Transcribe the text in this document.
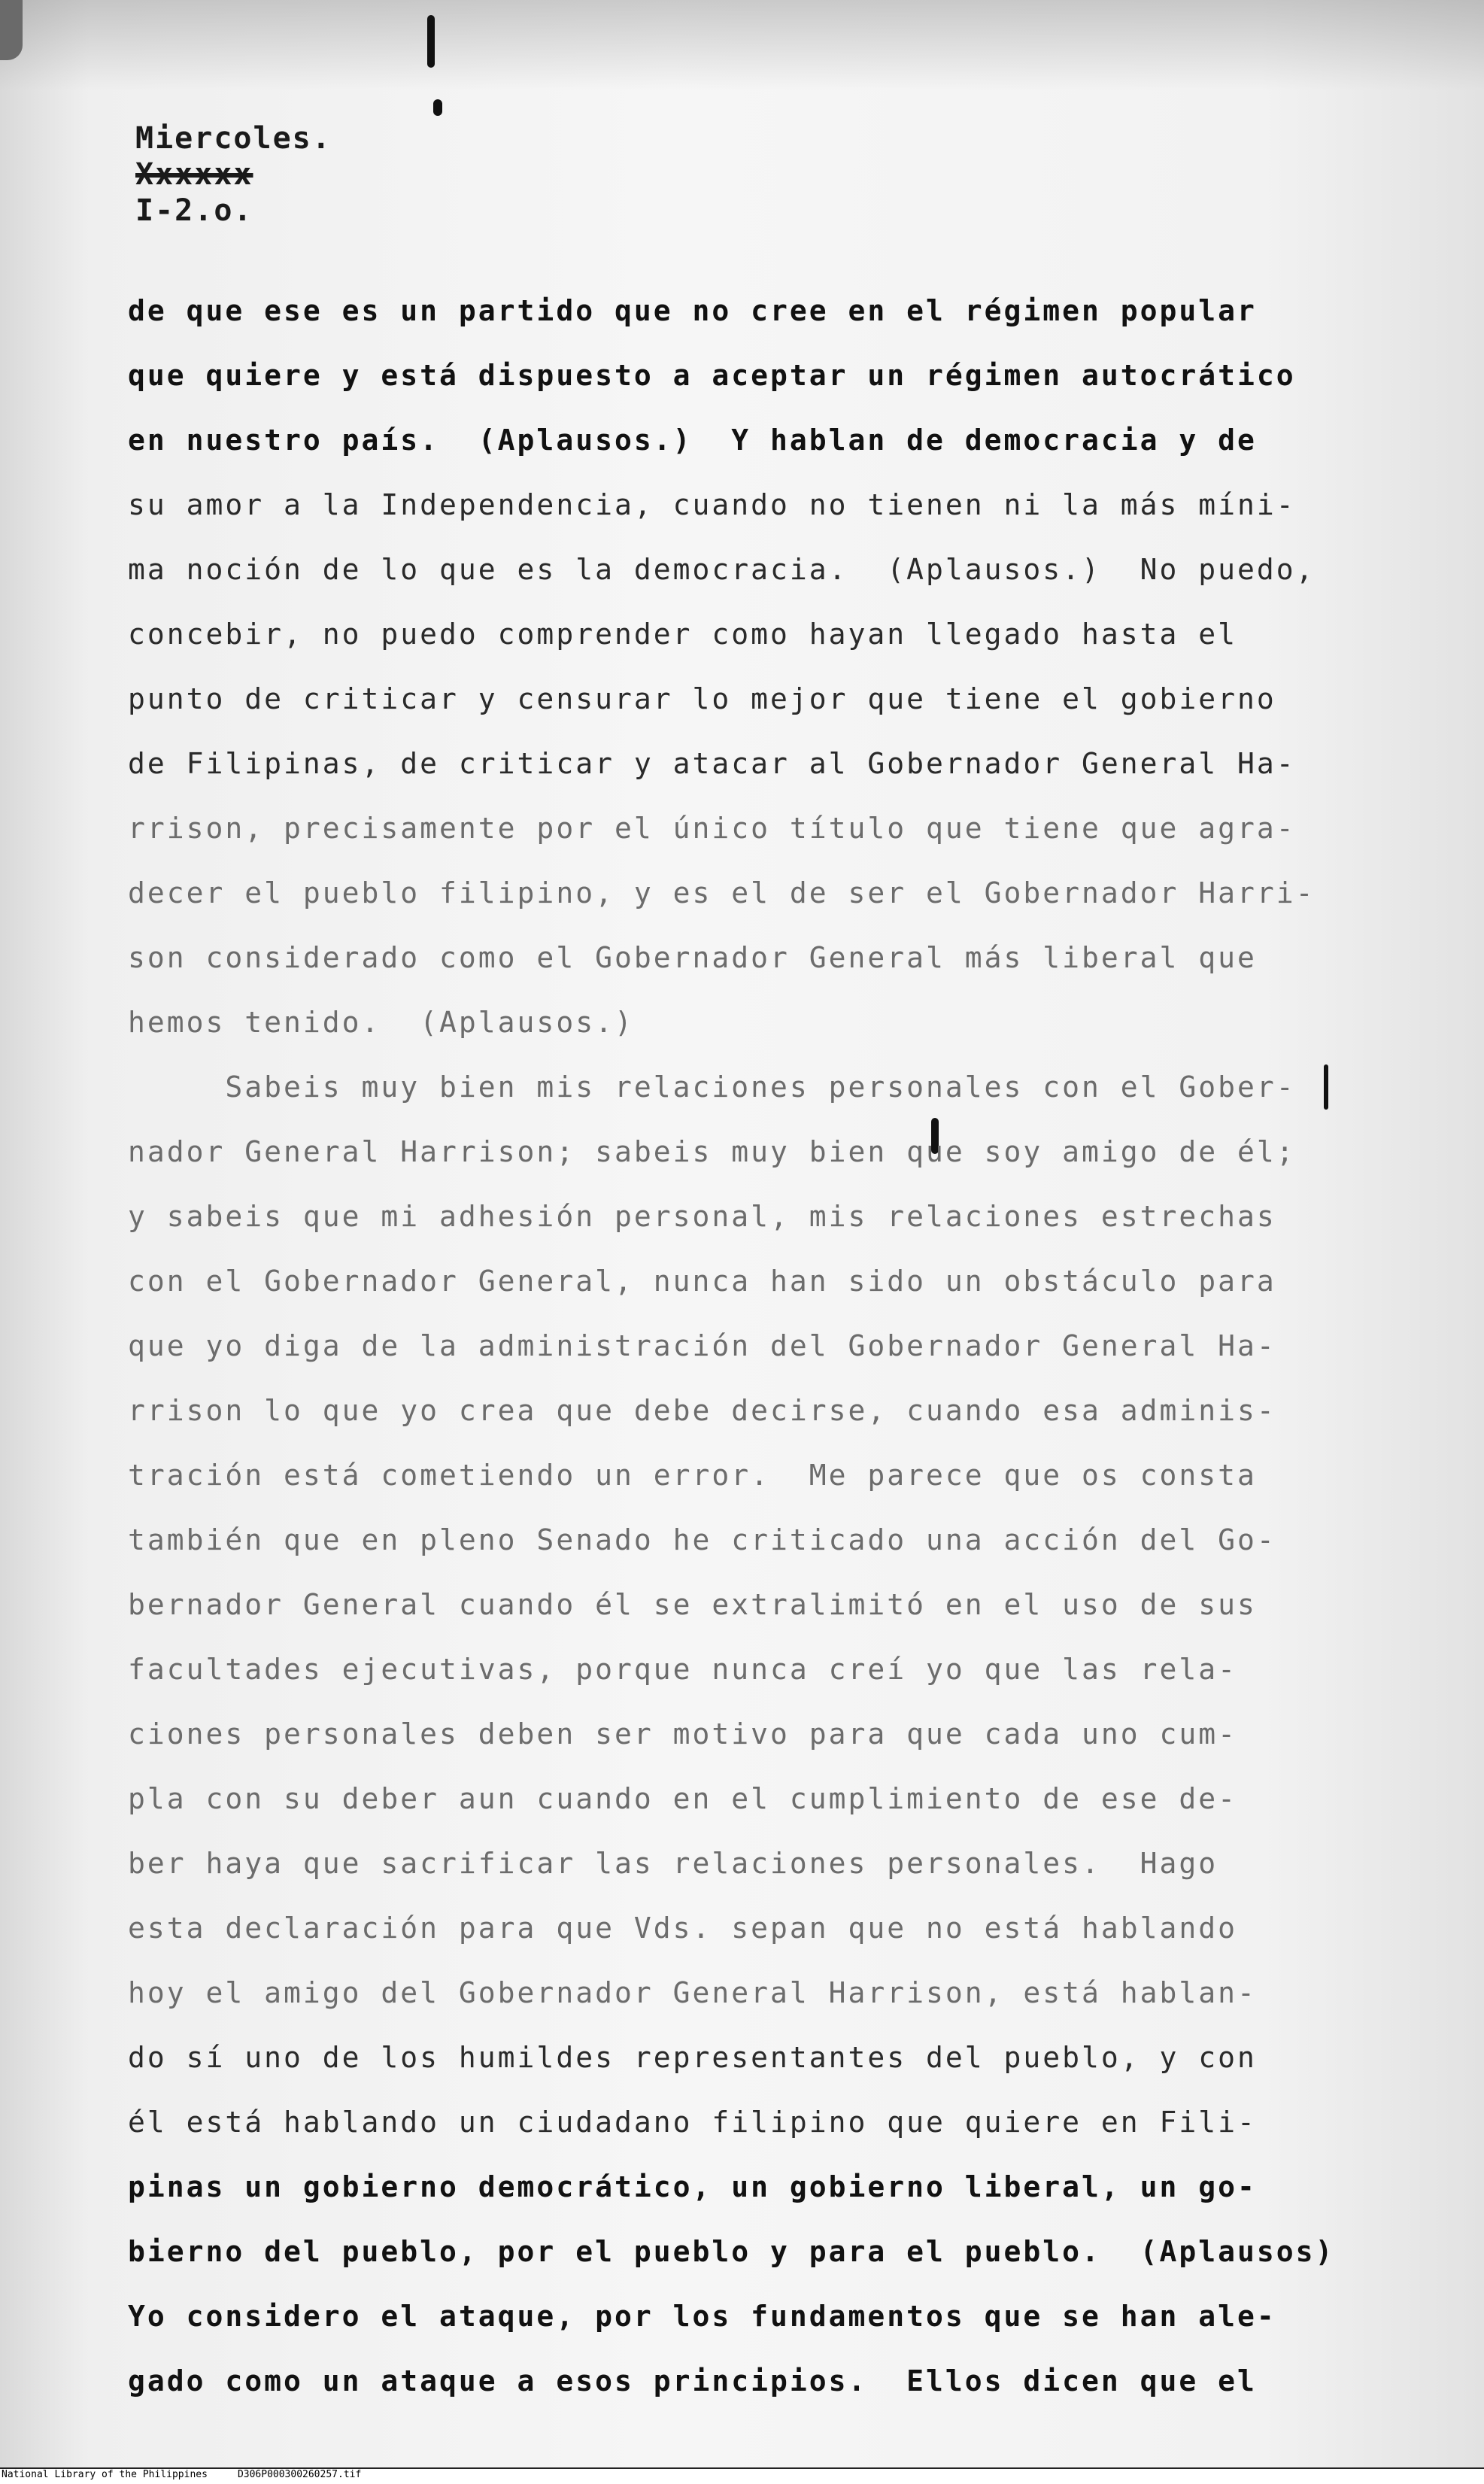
Miercoles.
Xxxxxx
I-2.o.
de que ese es un partido que no cree en el régimen popular
que quiere y está dispuesto a aceptar un régimen autocrático
en nuestro país.  (Aplausos.)  Y hablan de democracia y de
su amor a la Independencia, cuando no tienen ni la más míni-
ma noción de lo que es la democracia.  (Aplausos.)  No puedo,
concebir, no puedo comprender como hayan llegado hasta el
punto de criticar y censurar lo mejor que tiene el gobierno
de Filipinas, de criticar y atacar al Gobernador General Ha-
rrison, precisamente por el único título que tiene que agra-
decer el pueblo filipino, y es el de ser el Gobernador Harri-
son considerado como el Gobernador General más liberal que
hemos tenido.  (Aplausos.)
Sabeis muy bien mis relaciones personales con el Gober-
nador General Harrison; sabeis muy bien que soy amigo de él;
y sabeis que mi adhesión personal, mis relaciones estrechas
con el Gobernador General, nunca han sido un obstáculo para
que yo diga de la administración del Gobernador General Ha-
rrison lo que yo crea que debe decirse, cuando esa adminis-
tración está cometiendo un error.  Me parece que os consta
también que en pleno Senado he criticado una acción del Go-
bernador General cuando él se extralimitó en el uso de sus
facultades ejecutivas, porque nunca creí yo que las rela-
ciones personales deben ser motivo para que cada uno cum-
pla con su deber aun cuando en el cumplimiento de ese de-
ber haya que sacrificar las relaciones personales.  Hago
esta declaración para que Vds. sepan que no está hablando
hoy el amigo del Gobernador General Harrison, está hablan-
do sí uno de los humildes representantes del pueblo, y con
él está hablando un ciudadano filipino que quiere en Fili-
pinas un gobierno democrático, un gobierno liberal, un go-
bierno del pueblo, por el pueblo y para el pueblo.  (Aplausos)
Yo considero el ataque, por los fundamentos que se han ale-
gado como un ataque a esos principios.  Ellos dicen que el
National Library of the Philippines	D306P000300260257.tif
